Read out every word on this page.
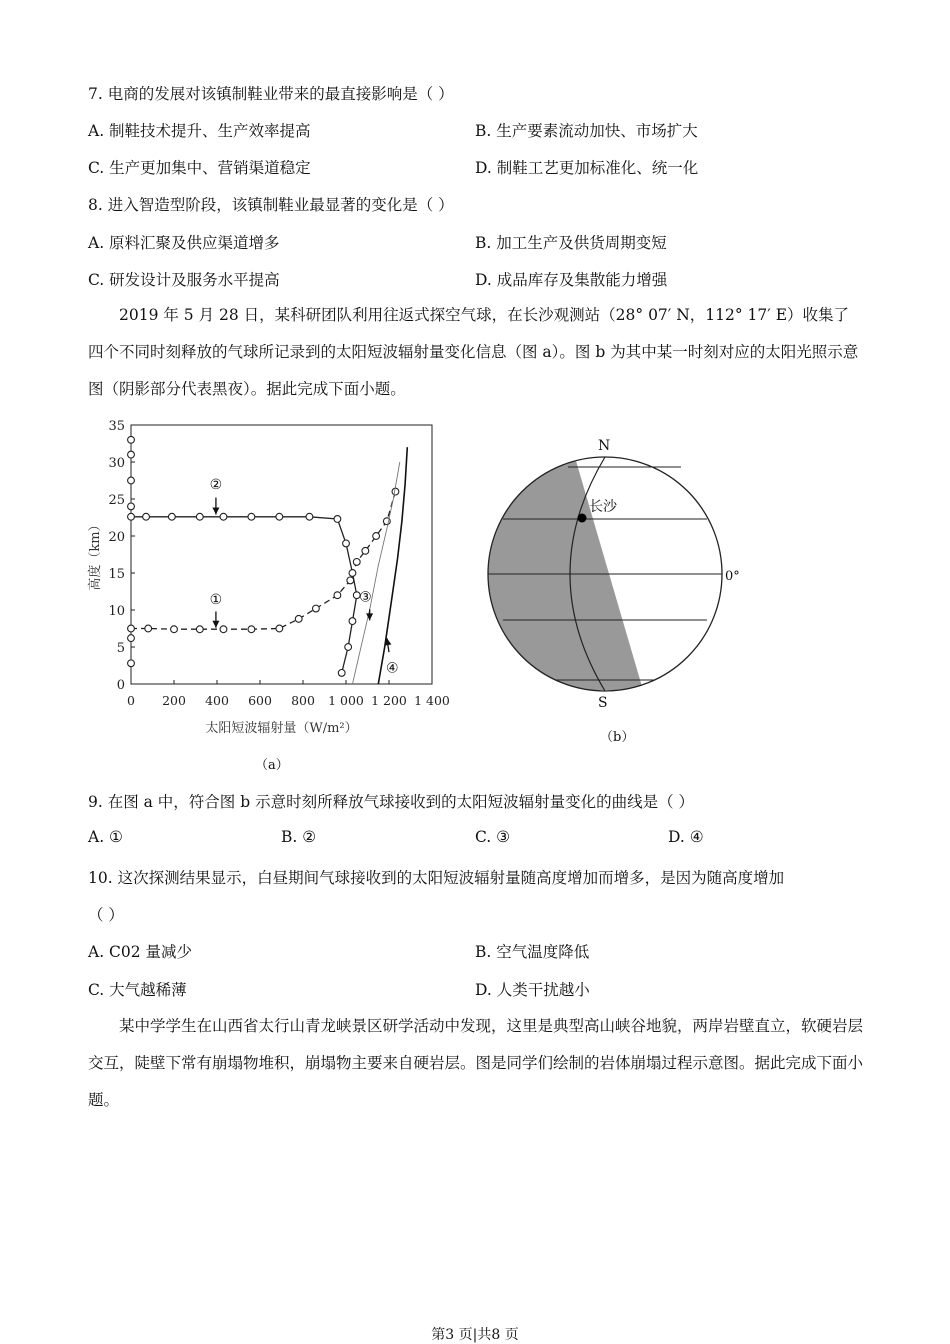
7. 电商的发展对该镇制鞋业带来的最直接影响是（ ）
A. 制鞋技术提升、生产效率提高	B. 生产要素流动加快、市场扩大
C. 生产更加集中、营销渠道稳定	D. 制鞋工艺更加标准化、统一化
8. 进入智造型阶段，该镇制鞋业最显著的变化是（ ）
A. 原料汇聚及供应渠道增多	B. 加工生产及供货周期变短
C. 研发设计及服务水平提高	D. 成品库存及集散能力增强
2019 年 5 月 28 日，某科研团队利用往返式探空气球，在长沙观测站（28° 07′ N，112° 17′ E）收集了四个不同时刻释放的气球所记录到的太阳短波辐射量变化信息（图 a）。图 b 为其中某一时刻对应的太阳光照示意图（阴影部分代表黑夜）。据此完成下面小题。
0
5
10
15
20
25
30
35
0 200 400 600 800 1 000 1 200 1 400
高度（km）
太阳短波辐射量（W/m²）
①
②
③
④
（a）
长沙
N
S
0°
（b）
9. 在图 a 中，符合图 b 示意时刻所释放气球接收到的太阳短波辐射量变化的曲线是（ ）
A. ①	B. ②	C. ③	D. ④
10. 这次探测结果显示，白昼期间气球接收到的太阳短波辐射量随高度增加而增多，是因为随高度增加
（ ）
A. C02 量减少	B. 空气温度降低
C. 大气越稀薄	D. 人类干扰越小
某中学学生在山西省太行山青龙峡景区研学活动中发现，这里是典型高山峡谷地貌，两岸岩壁直立，软硬岩层交互，陡壁下常有崩塌物堆积，崩塌物主要来自硬岩层。图是同学们绘制的岩体崩塌过程示意图。据此完成下面小题。
第3 页|共8 页
